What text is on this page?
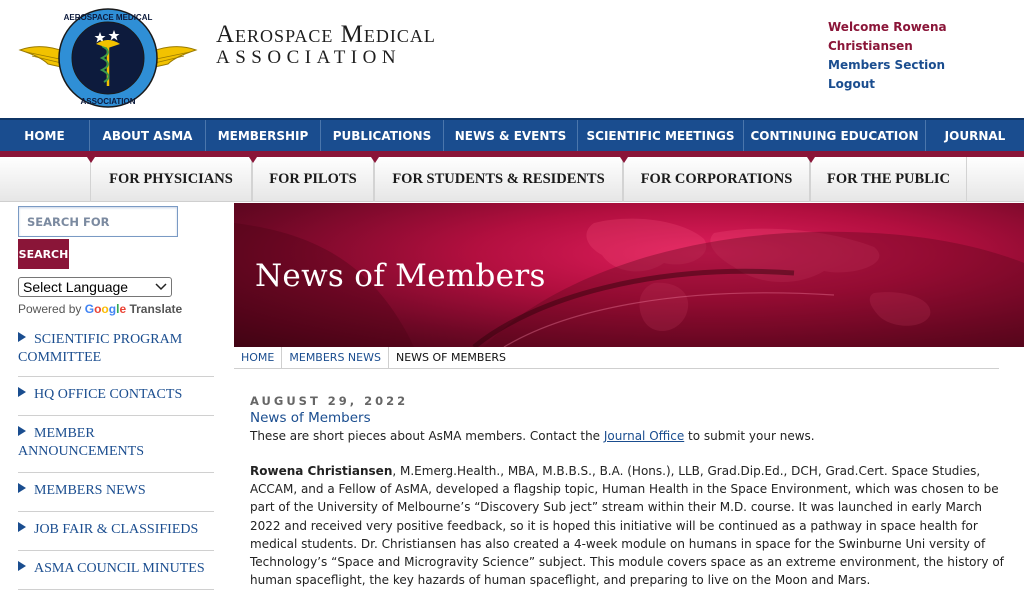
AEROSPACE MEDICAL
ASSOCIATION
Aerospace Medical
ASSOCIATION
Welcome Rowena Christiansen
Members Section
Logout
HOME	ABOUT ASMA	MEMBERSHIP	PUBLICATIONS	NEWS & EVENTS	SCIENTIFIC MEETINGS	CONTINUING EDUCATION	JOURNAL
FOR PHYSICIANS	FOR PILOTS FOR STUDENTS & RESIDENTS FOR CORPORATIONS FOR THE PUBLIC
SEARCH FOR
SEARCH
Select Language
Powered by Google Translate
SCIENTIFIC PROGRAM
COMMITTEE
HQ OFFICE CONTACTS
MEMBER
ANNOUNCEMENTS
MEMBERS NEWS
JOB FAIR & CLASSIFIEDS
ASMA COUNCIL MINUTES
News of Members
HOME	MEMBERS NEWS	NEWS OF MEMBERS
AUGUST 29, 2022
News of Members
These are short pieces about AsMA members. Contact the Journal Office to submit your news.
Rowena Christiansen, M.Emerg.Health., MBA, M.B.B.S., B.A. (Hons.), LLB, Grad.Dip.Ed., DCH, Grad.Cert. Space Studies, ACCAM, and a Fellow of AsMA, developed a flagship topic, Human Health in the Space Environment, which was chosen to be part of the University of Melbourne’s “Discovery Sub ject” stream within their M.D. course. It was launched in early March 2022 and received very positive feedback, so it is hoped this initiative will be continued as a pathway in space health for medical students. Dr. Christiansen has also created a 4-week module on humans in space for the Swinburne Uni versity of Technology’s “Space and Microgravity Science” subject. This module covers space as an extreme environment, the history of human spaceflight, the key hazards of human spaceflight, and preparing to live on the Moon and Mars.
